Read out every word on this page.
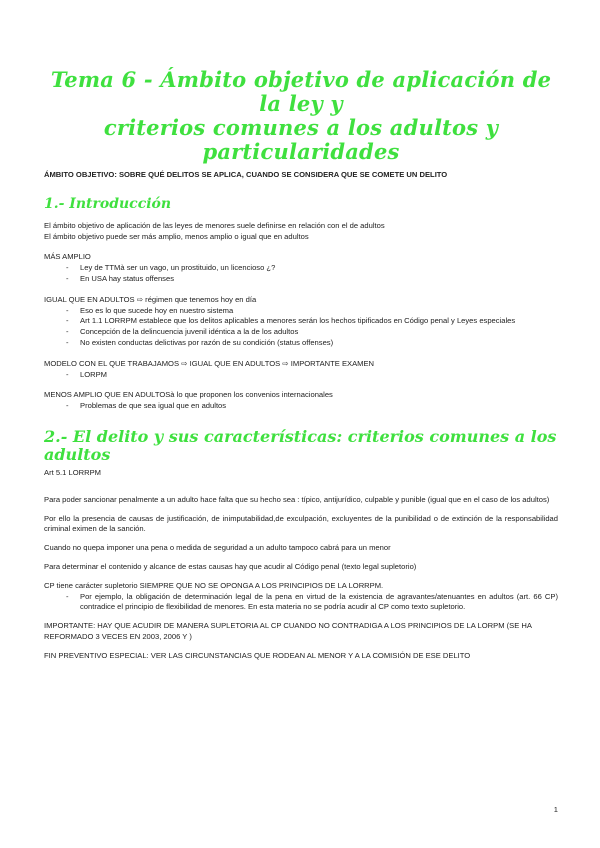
Tema 6 - Ámbito objetivo de aplicación de la ley y
criterios comunes a los adultos y particularidades

ÁMBITO OBJETIVO: SOBRE QUÉ DELITOS SE APLICA, CUANDO SE CONSIDERA QUE SE COMETE UN DELITO

1.- Introducción

El ámbito objetivo de aplicación de las leyes de menores suele definirse en relación con el de adultos

El ámbito objetivo puede ser más amplio, menos amplio o igual que en adultos

MÁS AMPLIO

- Ley de TTMà ser un vago, un prostituido, un licencioso ¿?
- En USA hay status offenses

IGUAL QUE EN ADULTOS ⇨ régimen que tenemos hoy en día

- Eso es lo que sucede hoy en nuestro sistema
- Art 1.1 LORRPM establece que los delitos aplicables a menores serán los hechos tipificados en Código penal y Leyes especiales
- Concepción de la delincuencia juvenil idéntica a la de los adultos
- No existen conductas delictivas por razón de su condición (status offenses)

MODELO CON EL QUE TRABAJAMOS ⇨ IGUAL QUE EN ADULTOS ⇨ IMPORTANTE EXAMEN

- LORPM

MENOS AMPLIO QUE EN ADULTOSà lo que proponen los convenios internacionales

- Problemas de que sea igual que en adultos
2.- El delito y sus características: criterios comunes a los adultos

Art 5.1 LORRPM

Para poder sancionar penalmente a un adulto hace falta que su hecho sea : típico, antijurídico, culpable y punible (igual que en el caso de los adultos)

Por ello la presencia de causas de justificación, de inimputabilidad,de exculpación, excluyentes de la punibilidad o de extinción de la responsabilidad criminal eximen de la sanción.

Cuando no quepa imponer una pena o medida de seguridad a un adulto tampoco cabrá para un menor

Para determinar el contenido y alcance de estas causas hay que acudir al Código penal (texto legal supletorio)

CP tiene carácter supletorio SIEMPRE QUE NO SE OPONGA A LOS PRINCIPIOS DE LA LORRPM.

- Por ejemplo, la obligación de determinación legal de la pena en virtud de la existencia de agravantes/atenuantes en adultos (art. 66 CP) contradice el principio de flexibilidad de menores. En esta materia no se podría acudir al CP como texto supletorio.

IMPORTANTE: HAY QUE ACUDIR DE MANERA SUPLETORIA AL CP CUANDO NO CONTRADIGA A LOS PRINCIPIOS DE LA LORPM (SE HA REFORMADO 3 VECES EN 2003, 2006 Y )

FIN PREVENTIVO ESPECIAL: VER LAS CIRCUNSTANCIAS QUE RODEAN AL MENOR Y A LA COMISIÓN DE ESE DELITO

1
